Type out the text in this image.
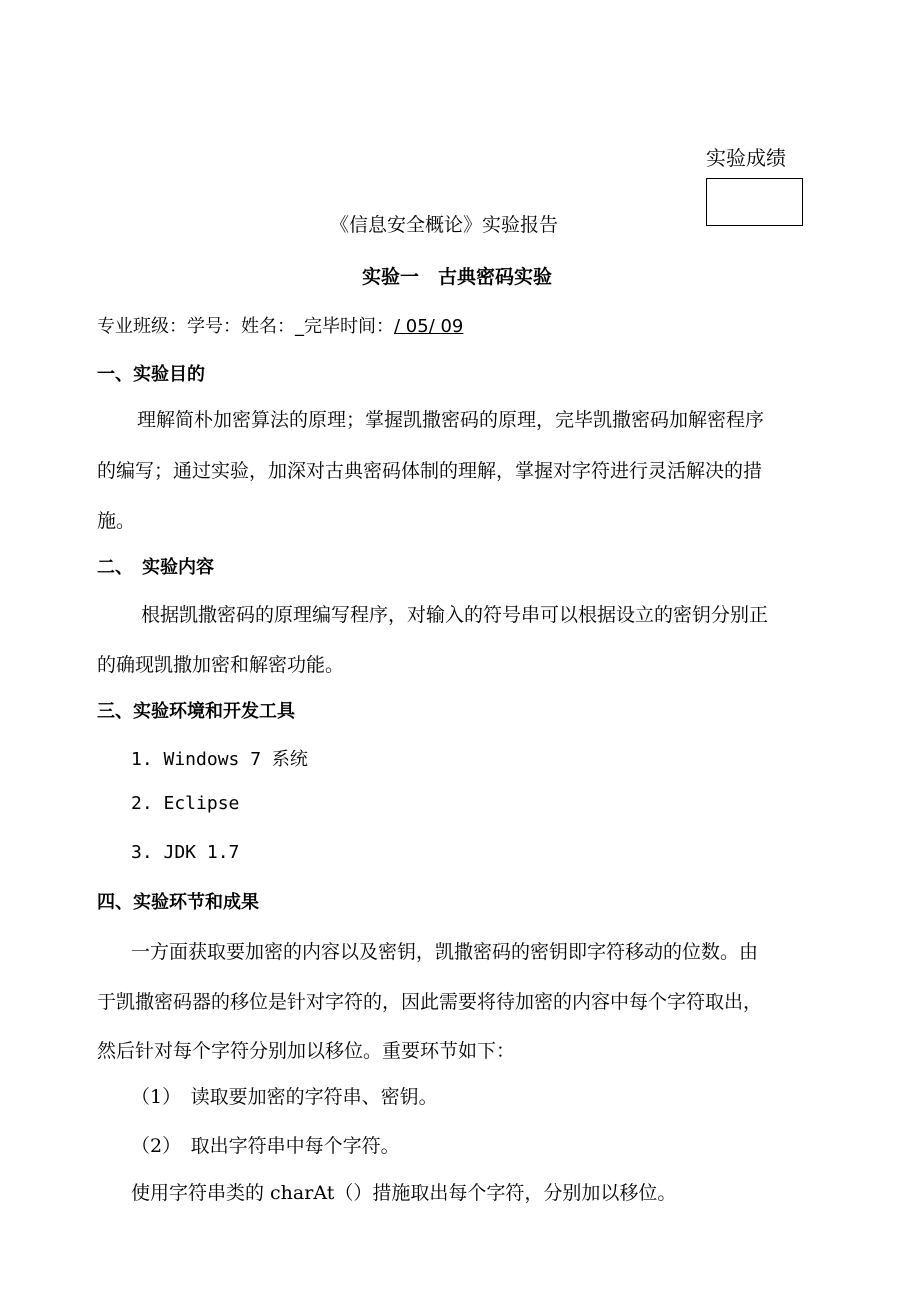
实验成绩
《信息安全概论》实验报告
实验一　古典密码实验
专业班级：学号：姓名：_完毕时间：/ 05/ 09
一、实验目的
理解简朴加密算法的原理；掌握凯撒密码的原理，完毕凯撒密码加解密程序
的编写；通过实验，加深对古典密码体制的理解，掌握对字符进行灵活解决的措
施。
二、　实验内容
根据凯撒密码的原理编写程序，对输入的符号串可以根据设立的密钥分别正
的确现凯撒加密和解密功能。
三、实验环境和开发工具
1. Windows 7 系统
2. Eclipse
3. JDK 1.7
四、实验环节和成果
一方面获取要加密的内容以及密钥，凯撒密码的密钥即字符移动的位数。由
于凯撒密码器的移位是针对字符的，因此需要将待加密的内容中每个字符取出，
然后针对每个字符分别加以移位。重要环节如下：
（1）　读取要加密的字符串、密钥。
（2）　取出字符串中每个字符。
使用字符串类的 charAt（）措施取出每个字符，分别加以移位。
